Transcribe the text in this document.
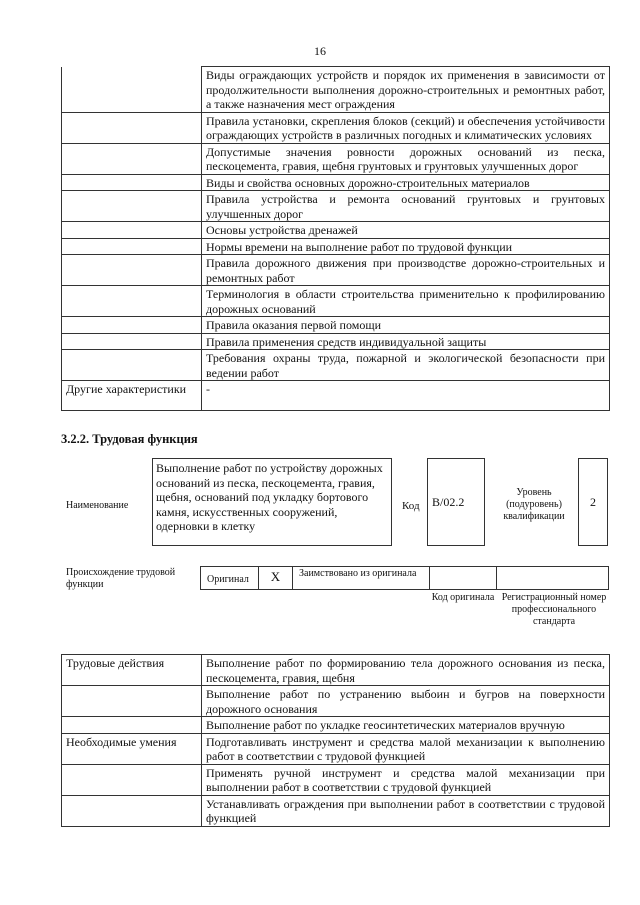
16
	Виды ограждающих устройств и порядок их применения в зависимости от продолжительности выполнения дорожно-строительных и ремонтных работ, а также назначения мест ограждения
	Правила установки, скрепления блоков (секций) и обеспечения устойчивости ограждающих устройств в различных погодных и климатических условиях
	Допустимые значения ровности дорожных оснований из песка, пескоцемента, гравия, щебня грунтовых и грунтовых улучшенных дорог
	Виды и свойства основных дорожно-строительных материалов
	Правила устройства и ремонта оснований грунтовых и грунтовых улучшенных дорог
	Основы устройства дренажей
	Нормы времени на выполнение работ по трудовой функции
	Правила дорожного движения при производстве дорожно-строительных и ремонтных работ
	Терминология в области строительства применительно к профилированию дорожных оснований
	Правила оказания первой помощи
	Правила применения средств индивидуальной защиты
	Требования охраны труда, пожарной и экологической безопасности при ведении работ
Другие характеристики	-
3.2.2. Трудовая функция
Наименование
Выполнение работ по устройству дорожных оснований из песка, пескоцемента, гравия, щебня, оснований под укладку бортового камня, искусственных сооружений, одерновки в клетку
Код	B/02.2
Уровень (подуровень) квалификации
2
Происхождение трудовой функции	Оригинал	X	Заимствовано из оригинала
Код оригинала Регистрационный номер профессионального стандарта
Трудовые действия	Выполнение работ по формированию тела дорожного основания из песка, пескоцемента, гравия, щебня
	Выполнение работ по устранению выбоин и бугров на поверхности дорожного основания
	Выполнение работ по укладке геосинтетических материалов вручную
Необходимые умения	Подготавливать инструмент и средства малой механизации к выполнению работ в соответствии с трудовой функцией
	Применять ручной инструмент и средства малой механизации при выполнении работ в соответствии с трудовой функцией
	Устанавливать ограждения при выполнении работ в соответствии с трудовой функцией
